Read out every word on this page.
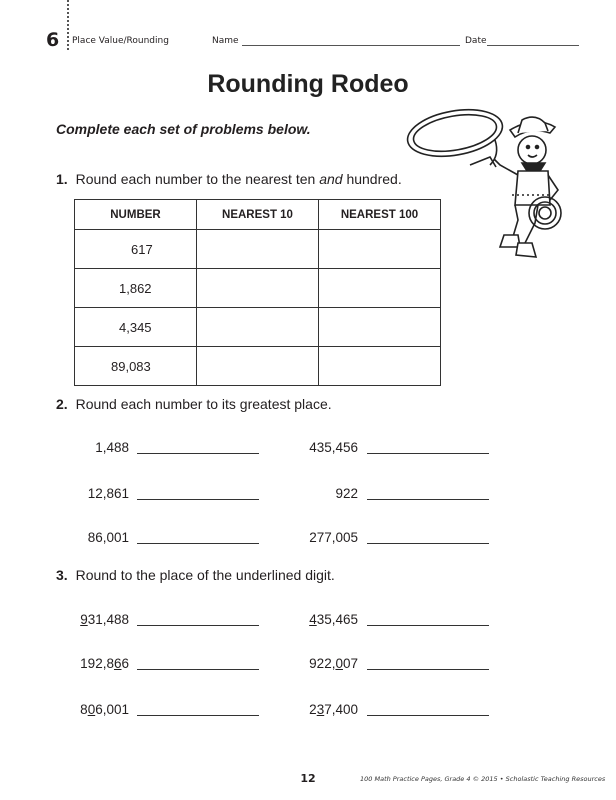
6 Place Value/Rounding	Name	Date
Rounding Rodeo
Complete each set of problems below.
1. Round each number to the nearest ten and hundred.
NUMBER	NEAREST 10	NEAREST 100
617		
1,862		
4,345		
89,083		
2. Round each number to its greatest place.
1,488	435,456
12,861	922
86,001	277,005
3. Round to the place of the underlined digit.
931,488	435,465
192,866	922,007
806,001	237,400
12	100 Math Practice Pages, Grade 4 © 2015 • Scholastic Teaching Resources
